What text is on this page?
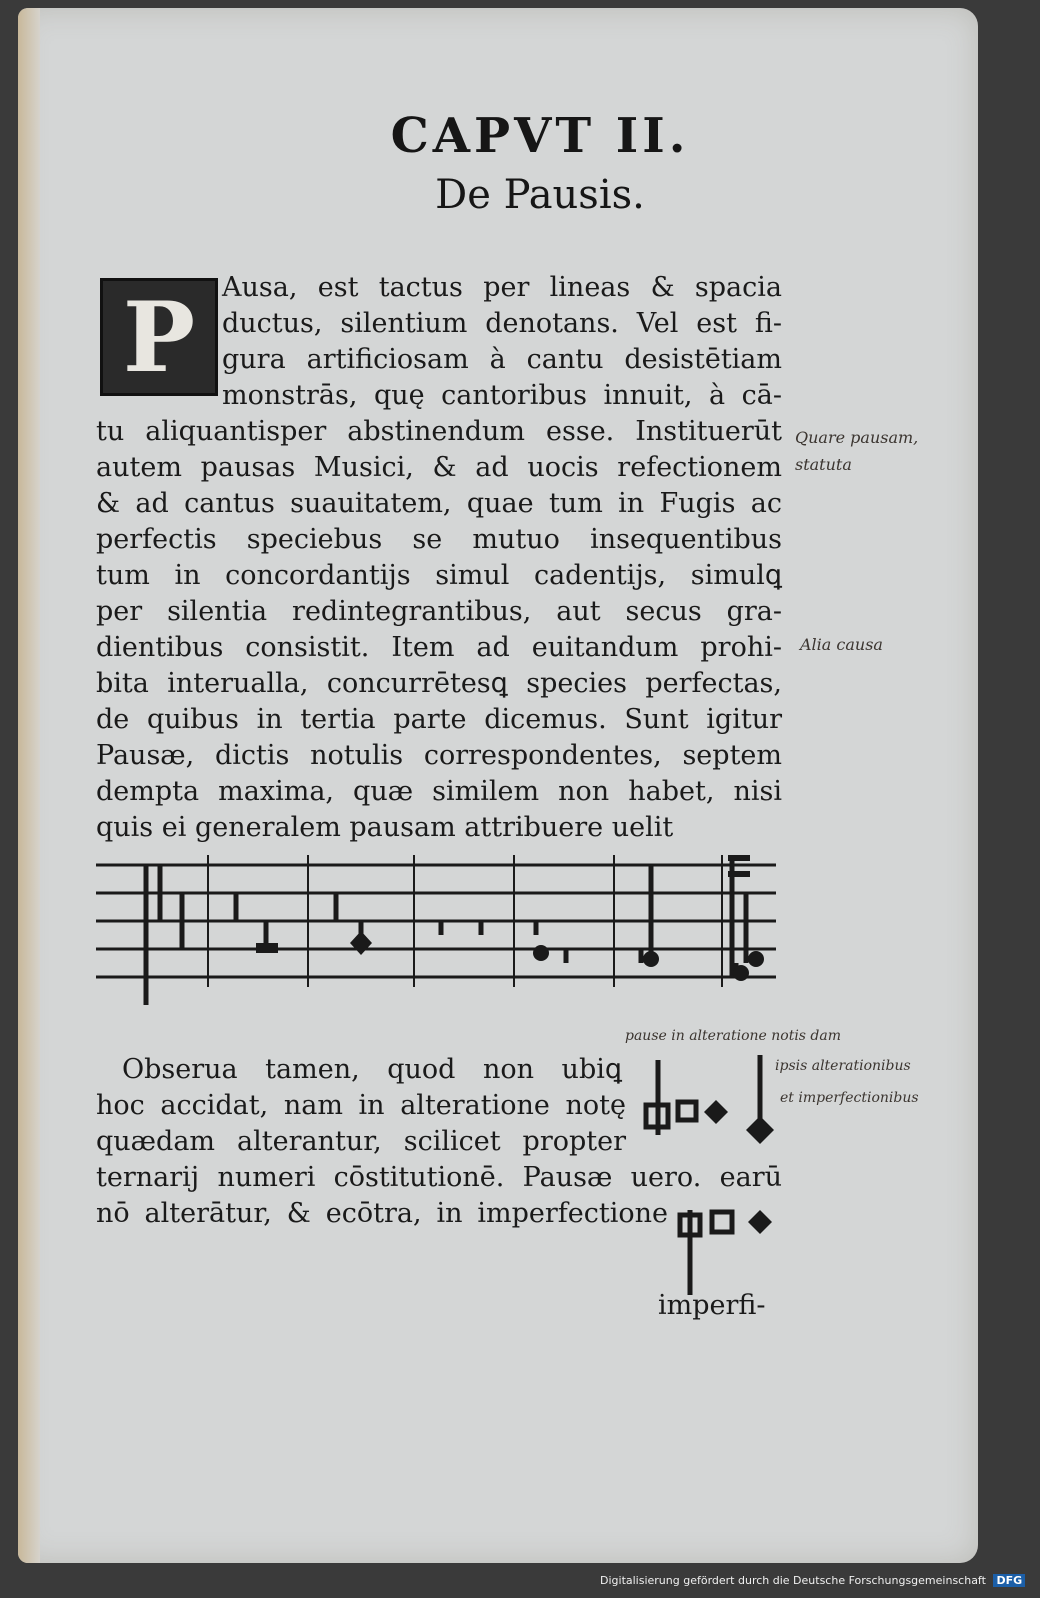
CAPVT II.
De Pausis.
P Ausa, est tactus per lineas & spacia
ductus, silentium denotans. Vel est fi-
gura artificiosam à cantu desistētiam
monstrās, quę cantoribus innuit, à cā-
tu aliquantisper abstinendum esse. Instituerūt
autem pausas Musici, & ad uocis refectionem
& ad cantus suauitatem, quae tum in Fugis ac
perfectis speciebus se mutuo insequentibus
tum in concordantijs simul cadentijs, simulꝗ
per silentia redintegrantibus, aut secus gra-
dientibus consistit. Item ad euitandum prohi-
bita interualla, concurrētesꝗ species perfectas,
de quibus in tertia parte dicemus. Sunt igitur
Pausæ, dictis notulis correspondentes, septem
dempta maxima, quæ similem non habet, nisi
quis ei generalem pausam attribuere uelit
Obserua tamen, quod non ubiꝗ
hoc accidat, nam in alteratione notę
quædam alterantur, scilicet propter
ternarij numeri cōstitutionē. Pausæ uero. earū
nō alterātur, & ecōtra, in imperfectione
imperfi-
Quare pausam,
statuta
Alia causa
pause in alteratione notis dam
ipsis alterationibus
et imperfectionibus
Digitalisierung gefördert durch die Deutsche Forschungsgemeinschaft DFG
